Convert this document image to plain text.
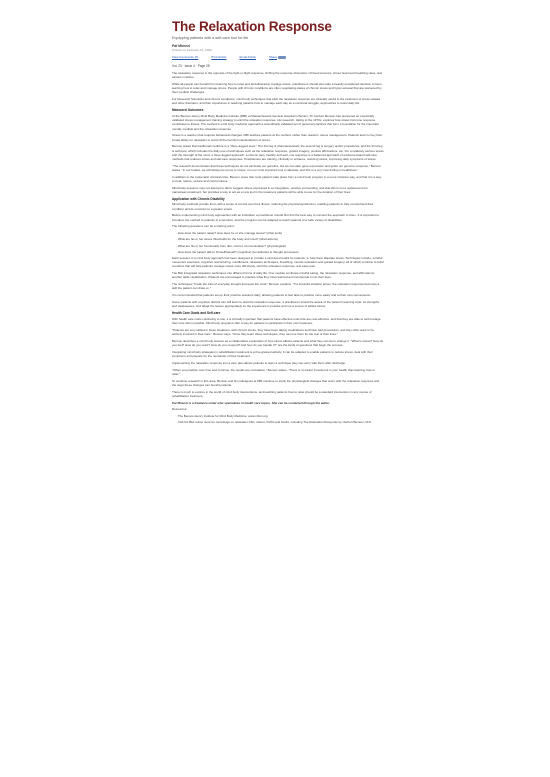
The Relaxation Response
Equipping patients with a self-care tool for life
Pat Mirenzi
Posted on: February 10, 2009
View Comments (0)	Print Article	Email Article	Share
Vol. 23 · Issue 4 · Page 28

The relaxation response is the opposite of the fight-or-flight response, shifting the response dimension of blood pressure, stress heart and breathing rates, and various muscles.

While all people can benefit from learning how to relax and all deliberately manage stress, practitioners should also take a heavily-considered decision to favor learning how to relax and manage stress. People with chronic conditions are often negotiating states of chronic stress and hyper-arousal that are worsened by their medical challenges.

For Research Scientists and chronic conditions, mind body techniques that elicit the relaxation response are clinically useful in the treatment of stress-related and other disorders, and their importance in teaching patients how to manage each day as a continual struggle, approaches to resist daily life.

Measured Outcomes

At the Benson-Henry Mind Body Medicine Institute (MBI) at Massachusetts General Hospital in Boston, Dr. Herbert Benson has pioneered an empirically validated stress management training strategy to elicit the relaxation response. His research, dating to the 1970s, explores how stress hormone response contributes to illness. The method is mind body medicine approach a scientifically validated set of personal practices that form a foundation for the important mental, medical and the relaxation response.

Stress is a reaction that requires behavioral changes. MBI teaches patients at the method, rather than reaction, stress management. Patients learn to buy their innate ability for relaxation to ward off the harmful manifestations of stress.

Benson states that traditional medicine is a "three-legged stool." The first leg is pharmaceuticals; the second leg is surgery and/or procedures; and the third leg is self-care, which includes the daily use of techniques such as the relaxation response, guided imagery, positive affirmations, etc. For a relatively serious stress with the strength of the mind, a three-legged approach, a chronic pain, healthy and well, one response is a balanced approach of evidence-based self-care methods that reduces stress and self-care responses. Practitioners are training, clinically to enhance, reducing stress, improving daily symptoms of stress.

"The research demonstrates that these techniques do not eliminate our genetics, but we can alter gene expression and guide our genome response," Benson states. "In our bodies, we will always be prone to stress, it is our most important tool to alleviate, and this is a very new finding in healthcare."

In addition to the systematic doctoral roles, Benson notes that most patients take place from a mind body program in a more inclusive way, and that it is a way to treat, relieve, reduce and control stress.

Mind body sessions may not attempt to fail to suggest where expressed in an integrative, positive surrounding, and that this is not a replacement for mainstream treatment, but provides a way to act as a new tool in the treatment patients will be able to use for the duration of their lives.

Application with Chronic Disability

Mind body methods provide them with a sense of control over their illness, reducing the physical dysfunction, enabling patients to fully comprehend their condition and its emotions to a greater extent.

Before implementing mind body approaches with an individual, a practitioner should first find the best way to connect the approach to them. It is important to introduce the method to patients in a sensitive, and the program can be adapted to teach patients of a wide variety of disabilities.

The following questions can be a starting point:

· How does the patient relate? How does he or she manage stress? (what tools)

· What are his or her stress thresholds for the body and mind? (what actions)

· What are his or her functionally from diet, control, communication? (physiological)

· How does the patient talk to himself/herself? (cognitive) (for attitudes to thought processes)

Each session of a mind body approach has been designed to provide a structured toolkit for patients, to help them alleviate stress. Techniques include, mindful movement exercises, cognitive restructuring, mindfulness, relaxation techniques, breathing, muscle relaxation and guided imagery, all of which combine to build a toolbox that will help patients manage stress more effectively, elicit the relaxation response, and ease pain.

The BHI integrated relaxation techniques into different forms of daily life. One module combines mindful eating, the relaxation response, and affirmations; another adds visualization. Patients are encouraged to practice what they have learned and incorporate it into their lives.

The techniques "break the train of everyday thought and quiet the mind," Benson explains. "If a stressful situation arises, the relaxation response becomes a skill the patient can draw on."

It is recommended that patients set up their practice sessions daily, allowing patients to feel able to practice more easily and at their own convenience.

Some patients with cognitive deficits can still learn to elicit the relaxation response. A practitioner should be aware of the patient's learning style, its strengths and weaknesses, and adapt the lesson appropriately so the experience is positive and not a source of added stress.

Health Care Goals and Self-care

With health care costs continuing to rise, it is critically important that patients have effective tools that are cost-effective, and that they are able to self-manage their care when possible. Mind body programs offer a way for patients to participate in their own treatment.

"Patients are very skilled in these situations; with chronic stress, they have been taking medications and have had procedures, and they often want to be actively involved in their care," Benson says. "Once they learn these techniques, they can use them for the rest of their lives."

Benson describes a mind body session as a collaborative exploration of how stress affects patients and what they can do to change it. "What is stress? How do you feel? How do you react? How do you respond? And how do you handle it?" are the kinds of questions that begin the process.

Integrating mind body strategies in rehabilitation treatment is a fine-grained activity. It can be adapted to enable patients to reduce stress, deal with their symptoms and prepare for the remainder of their treatment.

Implementing the relaxation response into a care plan allows patients to learn a technique they can carry with them after discharge.

"When you practice over time and continue, the results are cumulative," Benson states. "There is no better investment in your health than learning how to relax."

To continue research in this area, Benson and his colleagues at MBI continue to study the physiological changes that occur with the relaxation response and the ways these changes can benefit patients.

There is much to explore in the world of mind body interventions, and teaching patients how to relax should be a standard intervention in any course of rehabilitation treatment.

Pat Mirenzi is a freelance writer who specializes in health care topics. She can be contacted through the editor.

Resources:

· The Benson-Henry Institute for Mind Body Medicine: www.mbmi.org

· Visit the BHI online store for recordings on relaxation CDs, videos, DVDs and books, including The Relaxation Response by Herbert Benson, M.D.
